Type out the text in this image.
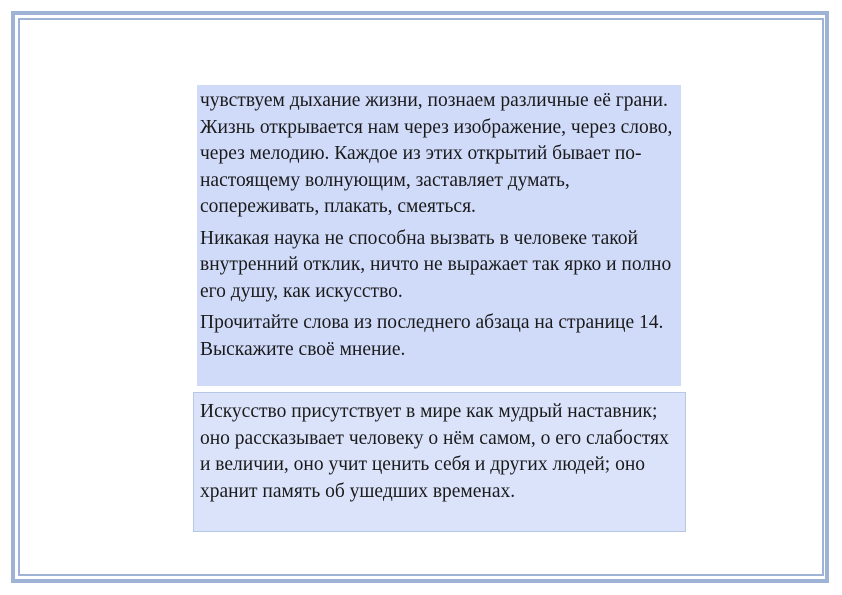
чувствуем дыхание жизни, познаем различные её грани. Жизнь открывается нам через изображение, через слово, через мелодию. Каждое из этих открытий бывает по-настоящему волнующим, заставляет думать, сопереживать, плакать, смеяться.

Никакая наука не способна вызвать в человеке такой внутренний отклик, ничто не выражает так ярко и полно его душу, как искусство.

Прочитайте слова из последнего абзаца на странице 14. Выскажите своё мнение.

Искусство присутствует в мире как мудрый наставник; оно рассказывает человеку о нём самом, о его слабостях и величии, оно учит ценить себя и других людей; оно хранит память об ушедших временах.
